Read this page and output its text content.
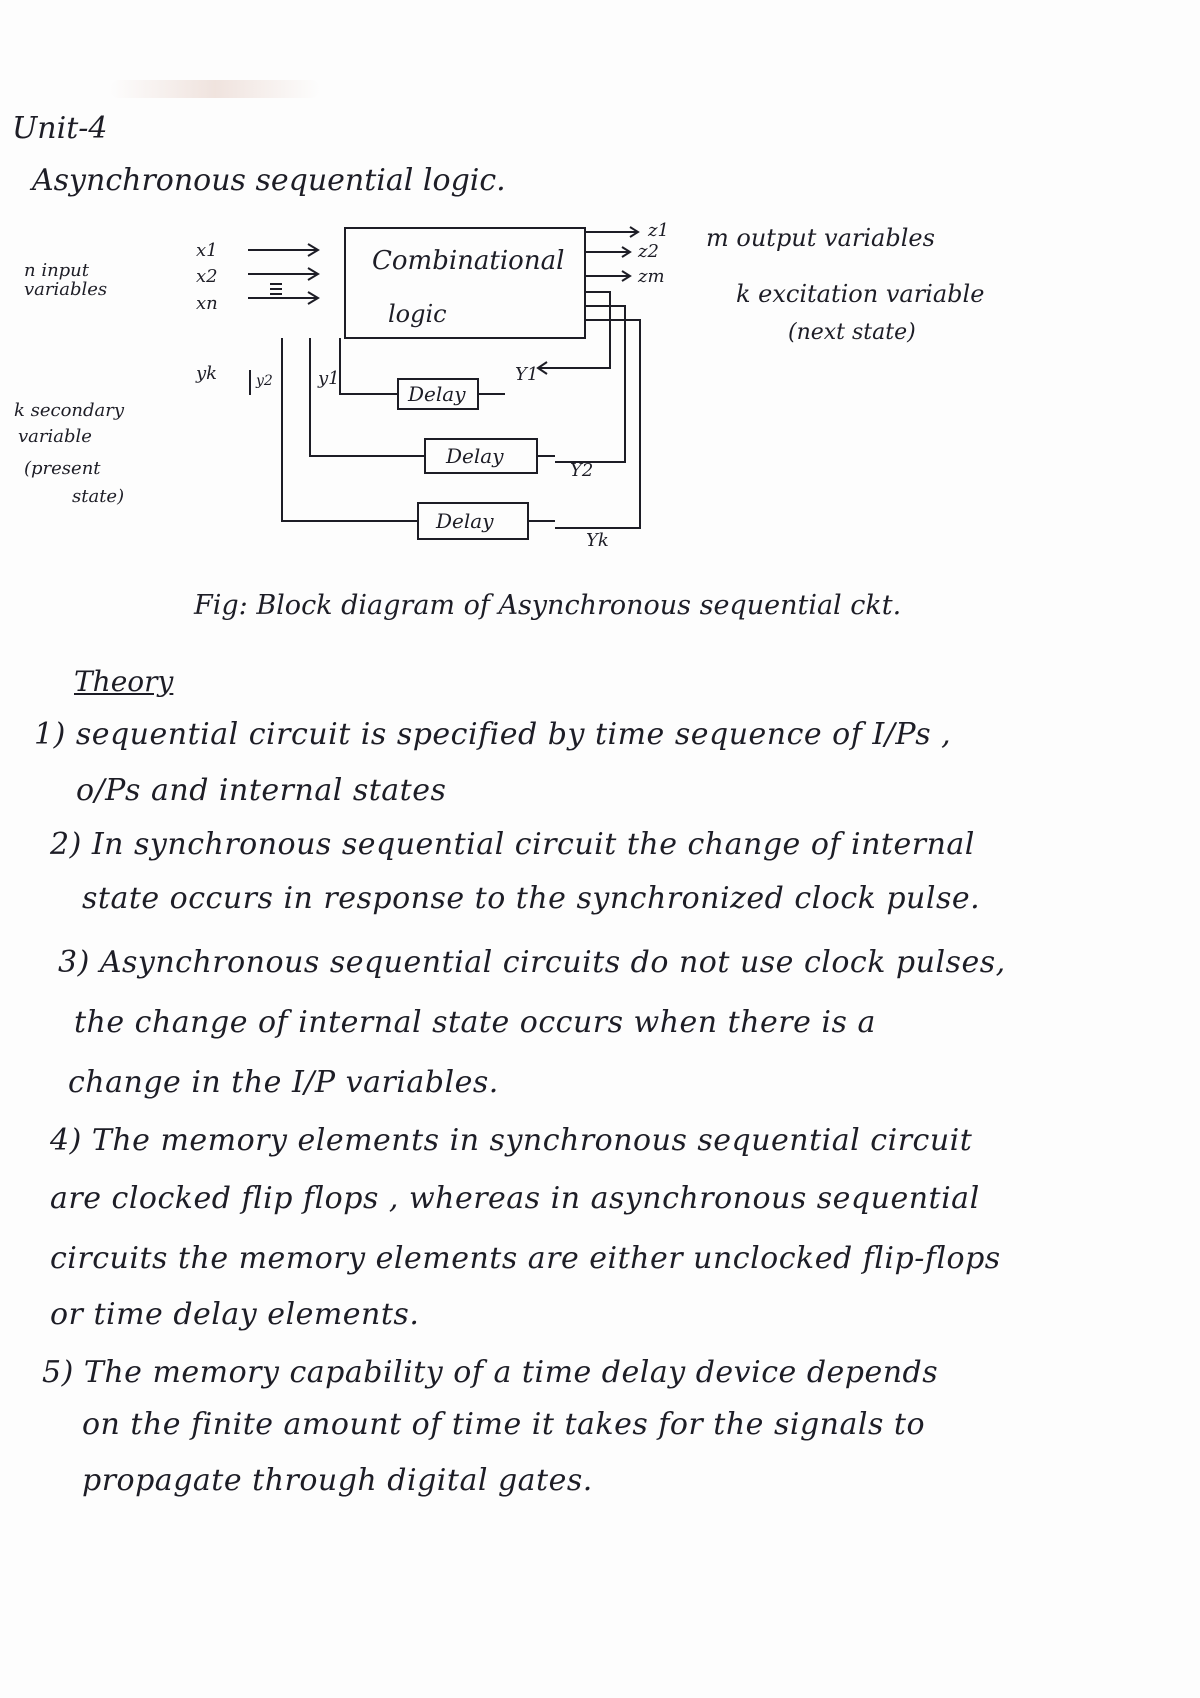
Unit-4
Asynchronous sequential logic.
Combinational
logic
x1
x2
xn
n input variables
z1
z2
zm
m output variables
k excitation variable
(next state)
k secondary
variable
(present
state)
yk	y2	y1	Y1
Y2
Yk
Delay
Delay
Delay
Fig: Block diagram of Asynchronous sequential ckt.
Theory
1) sequential circuit is specified by time sequence of I/Ps ,
o/Ps and internal states
2) In synchronous sequential circuit the change of internal
state occurs in response to the synchronized clock pulse.
3) Asynchronous sequential circuits do not use clock pulses,
the change of internal state occurs when there is a
change in the I/P variables.
4) The memory elements in synchronous sequential circuit
are clocked flip flops , whereas in asynchronous sequential
circuits the memory elements are either unclocked flip-flops
or time delay elements.
5) The memory capability of a time delay device depends
on the finite amount of time it takes for the signals to
propagate through digital gates.
